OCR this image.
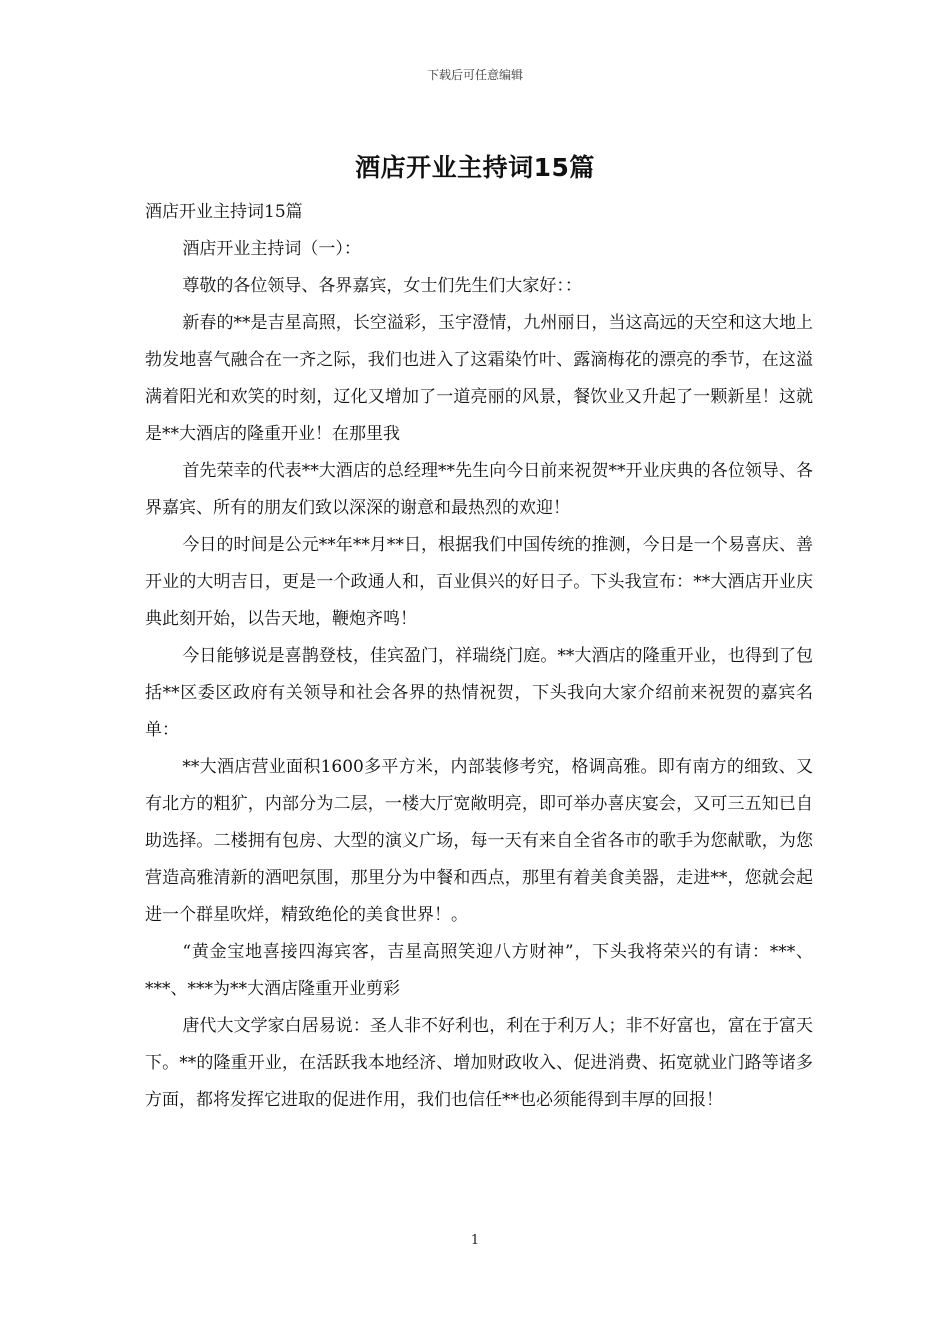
下载后可任意编辑
酒店开业主持词15篇

酒店开业主持词15篇

酒店开业主持词（一）：

尊敬的各位领导、各界嘉宾，女士们先生们大家好：：

新春的**是吉星高照，长空溢彩，玉宇澄情，九州丽日，当这高远的天空和这大地上勃发地喜气融合在一齐之际，我们也进入了这霜染竹叶、露滴梅花的漂亮的季节，在这溢满着阳光和欢笑的时刻，辽化又增加了一道亮丽的风景，餐饮业又升起了一颗新星！这就是**大酒店的隆重开业！在那里我

首先荣幸的代表**大酒店的总经理**先生向今日前来祝贺**开业庆典的各位领导、各界嘉宾、所有的朋友们致以深深的谢意和最热烈的欢迎！

今日的时间是公元**年**月**日，根据我们中国传统的推测，今日是一个易喜庆、善开业的大明吉日，更是一个政通人和，百业俱兴的好日子。下头我宣布：**大酒店开业庆典此刻开始，以告天地，鞭炮齐鸣！

今日能够说是喜鹊登枝，佳宾盈门，祥瑞绕门庭。**大酒店的隆重开业，也得到了包括**区委区政府有关领导和社会各界的热情祝贺，下头我向大家介绍前来祝贺的嘉宾名单：

**大酒店营业面积1600多平方米，内部装修考究，格调高雅。即有南方的细致、又有北方的粗犷，内部分为二层，一楼大厅宽敞明亮，即可举办喜庆宴会，又可三五知已自助选择。二楼拥有包房、大型的演义广场，每一天有来自全省各市的歌手为您献歌，为您营造高雅清新的酒吧氛围，那里分为中餐和西点，那里有着美食美器，走进**，您就会起进一个群星吹烊，精致绝伦的美食世界！。

“黄金宝地喜接四海宾客，吉星高照笑迎八方财神”，下头我将荣兴的有请：***、***、***为**大酒店隆重开业剪彩

唐代大文学家白居易说：圣人非不好利也，利在于利万人；非不好富也，富在于富天下。**的隆重开业，在活跃我本地经济、增加财政收入、促进消费、拓宽就业门路等诸多方面，都将发挥它进取的促进作用，我们也信任**也必须能得到丰厚的回报！

1
